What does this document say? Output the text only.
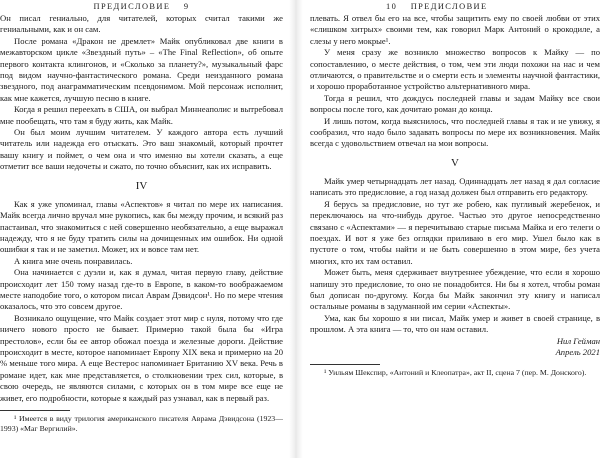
ПРЕДИСЛОВИЕ 9

Он писал гениально, для читателей, которых считал такими же гениальными, как и он сам.

После романа «Дракон не дремлет» Майк опубликовал две книги в межавторском цикле «Звездный путь» – «The Final Reflection», об опыте первого контакта клингонов, и «Сколько за планету?», музыкальный фарс под видом научно-фантастического романа. Среди неизданного романа звездного, под анаграмматическим псевдонимом. Мой персонаж исполнит, как мне кажется, лучшую песню в книге.

Когда я решил переехать в США, он выбрал Миннеаполис и вытребовал мне пообещать, что там я буду жить, как Майк.

Он был моим лучшим читателем. У каждого автора есть лучший читатель или надежда его отыскать. Это ваш знакомый, который прочтет вашу книгу и поймет, о чем она и что именно вы хотели сказать, а еще отметит все ваши недочеты и сжато, по точно объяснит, как их исправить.

IV

Как я уже упоминал, главы «Аспектов» я читал по мере их написания. Майк всегда лично вручал мне рукопись, как бы между прочим, и всякий раз пастаивал, что знакомиться с ней совершенно необязательно, а еще выражал надежду, что я не буду тратить силы на дочищенных им ошибок. Ни одной ошибки я так и не заметил. Может, их и вовсе там нет.

А книга мне очень понравилась.

Она начинается с дуэли и, как я думал, читая первую главу, действие происходит лет 150 тому назад где-то в Европе, в каком-то воображаемом месте наподобие того, о котором писал Аврам Дэвидсон¹. Но по мере чтения оказалось, что это совсем другое.

Возникало ощущение, что Майк создает этот мир с нуля, потому что где ничего нового просто не бывает. Примерно такой была бы «Игра престолов», если бы ее автор обожал поезда и железные дороги. Действие происходит в месте, которое напоминает Европу XIX века и примерно на 20 % меньше того мира. А еще Вестерос напоминает Британию XV века. Речь в романе идет, как мне представляется, о столкновении трех сил, которые, в свою очередь, не являются силами, с которых он в том мире все еще не живет, его подробности, которые я каждый раз узнавал, как в первый раз.

¹ Имеется в виду трилогия американского писателя Аврама Дэвидсона (1923—1993) «Маг Вергилий».

10 ПРЕДИСЛОВИЕ

плевать. Я отвел бы его на все, чтобы защитить ему по своей любви от этих «слишком хитрых» своими тем, как говорил Марк Антоний о крокодиле, а слезы у него мокрые¹.

У меня сразу же возникло множество вопросов к Майку — по сопоставлению, о месте действия, о том, чем эти люди похожи на нас и чем отличаются, о правительстве и о смерти есть и элементы научной фантастики, и хорошо проработанное устройство альтернативного мира.

Тогда я решил, что дождусь последней главы и задам Майку все свои вопросы после того, как дочитаю роман до конца.

И лишь потом, когда выяснилось, что последней главы я так и не увижу, я сообразил, что надо было задавать вопросы по мере их возникновения. Майк всегда с удовольствием отвечал на мои вопросы.

V

Майк умер четырнадцать лет назад. Одиннадцать лет назад я дал согласие написать это предисловие, а год назад должен был отправить его редактору.

Я берусь за предисловие, но тут же робею, как пугливый жеребенок, и переключаюсь на что-нибудь другое. Частью это другое непосредственно связано с «Аспектами» — я перечитываю старые письма Майка и его телеги о поездах. И вот я уже без оглядки приливаю в его мир. Ушел было как в пустоте о том, чтобы найти и не быть совершенно в этом мире, без учета многих, кто их там оставил.

Может быть, меня сдерживает внутреннее убеждение, что если я хорошо напишу это предисловие, то оно не понадобится. Ни бы я хотел, чтобы роман был дописан по-другому. Когда бы Майк закончил эту книгу и написал остальные романы в задуманной им серии «Аспекты».

Ума, как бы хорошо я ни писал, Майк умер и живет в своей странице, в прошлом. А эта книга — то, что он нам оставил.

Нил Гейман

Апрель 2021

¹ Уильям Шекспир, «Антоний и Клеопатра», акт II, сцена 7 (пер. М. Донского).
